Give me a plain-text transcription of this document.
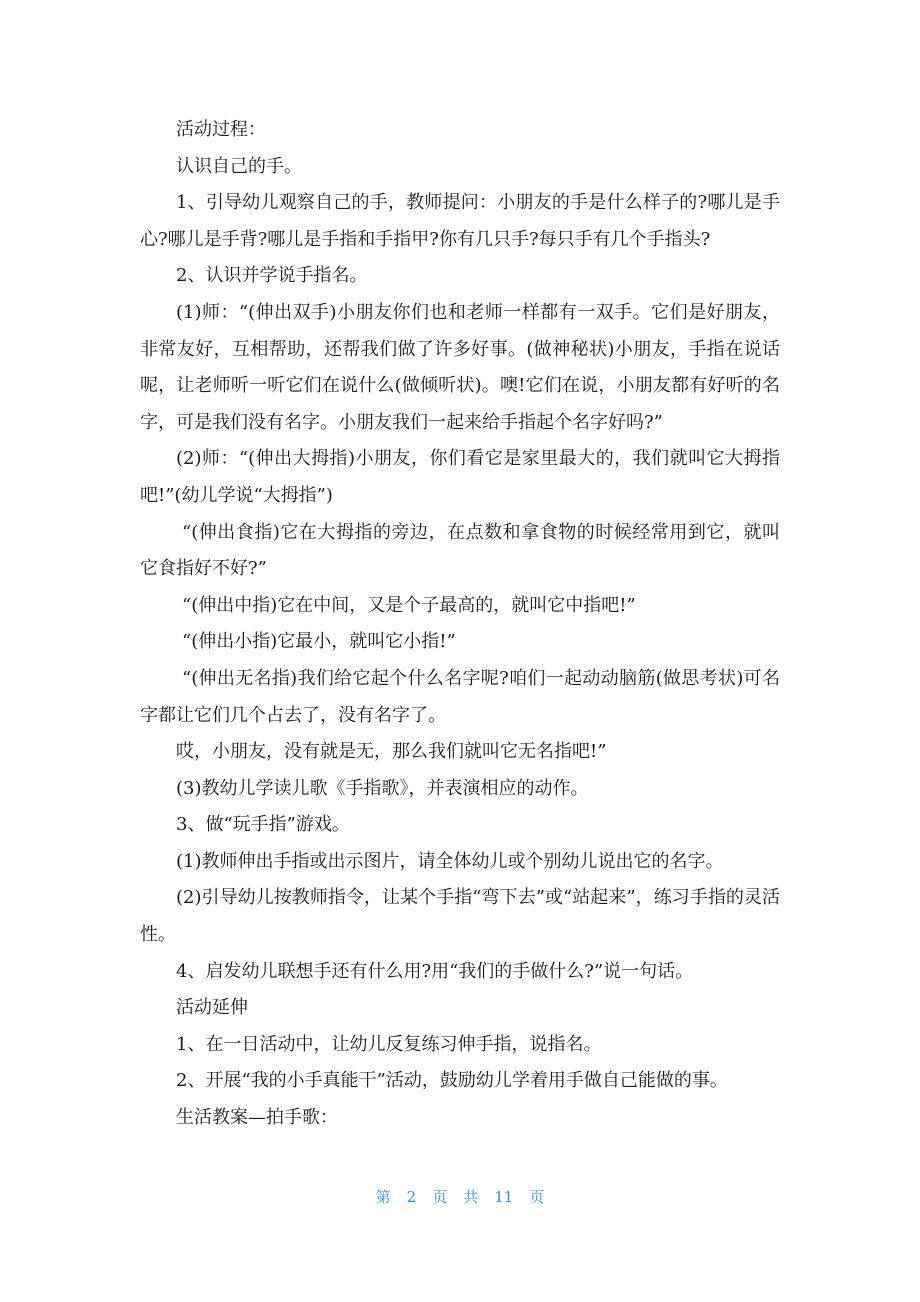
活动过程：

认识自己的手。

1、引导幼儿观察自己的手，教师提问：小朋友的手是什么样子的?哪儿是手心?哪儿是手背?哪儿是手指和手指甲?你有几只手?每只手有几个手指头?

2、认识并学说手指名。

(1)师：“(伸出双手)小朋友你们也和老师一样都有一双手。它们是好朋友，非常友好，互相帮助，还帮我们做了许多好事。(做神秘状)小朋友，手指在说话呢，让老师听一听它们在说什么(做倾听状)。噢!它们在说，小朋友都有好听的名字，可是我们没有名字。小朋友我们一起来给手指起个名字好吗?”

(2)师：“(伸出大拇指)小朋友，你们看它是家里最大的，我们就叫它大拇指吧!”(幼儿学说“大拇指”)

“(伸出食指)它在大拇指的旁边，在点数和拿食物的时候经常用到它，就叫它食指好不好?”

“(伸出中指)它在中间，又是个子最高的，就叫它中指吧!”

“(伸出小指)它最小，就叫它小指!”

“(伸出无名指)我们给它起个什么名字呢?咱们一起动动脑筋(做思考状)可名字都让它们几个占去了，没有名字了。

哎，小朋友，没有就是无，那么我们就叫它无名指吧!”

(3)教幼儿学读儿歌《手指歌》，并表演相应的动作。

3、做“玩手指”游戏。

(1)教师伸出手指或出示图片，请全体幼儿或个别幼儿说出它的名字。

(2)引导幼儿按教师指令，让某个手指“弯下去”或“站起来”，练习手指的灵活性。

4、启发幼儿联想手还有什么用?用“我们的手做什么?”说一句话。

活动延伸

1、在一日活动中，让幼儿反复练习伸手指，说指名。

2、开展“我的小手真能干”活动，鼓励幼儿学着用手做自己能做的事。

生活教案—拍手歌：

第 2 页 共 11 页
